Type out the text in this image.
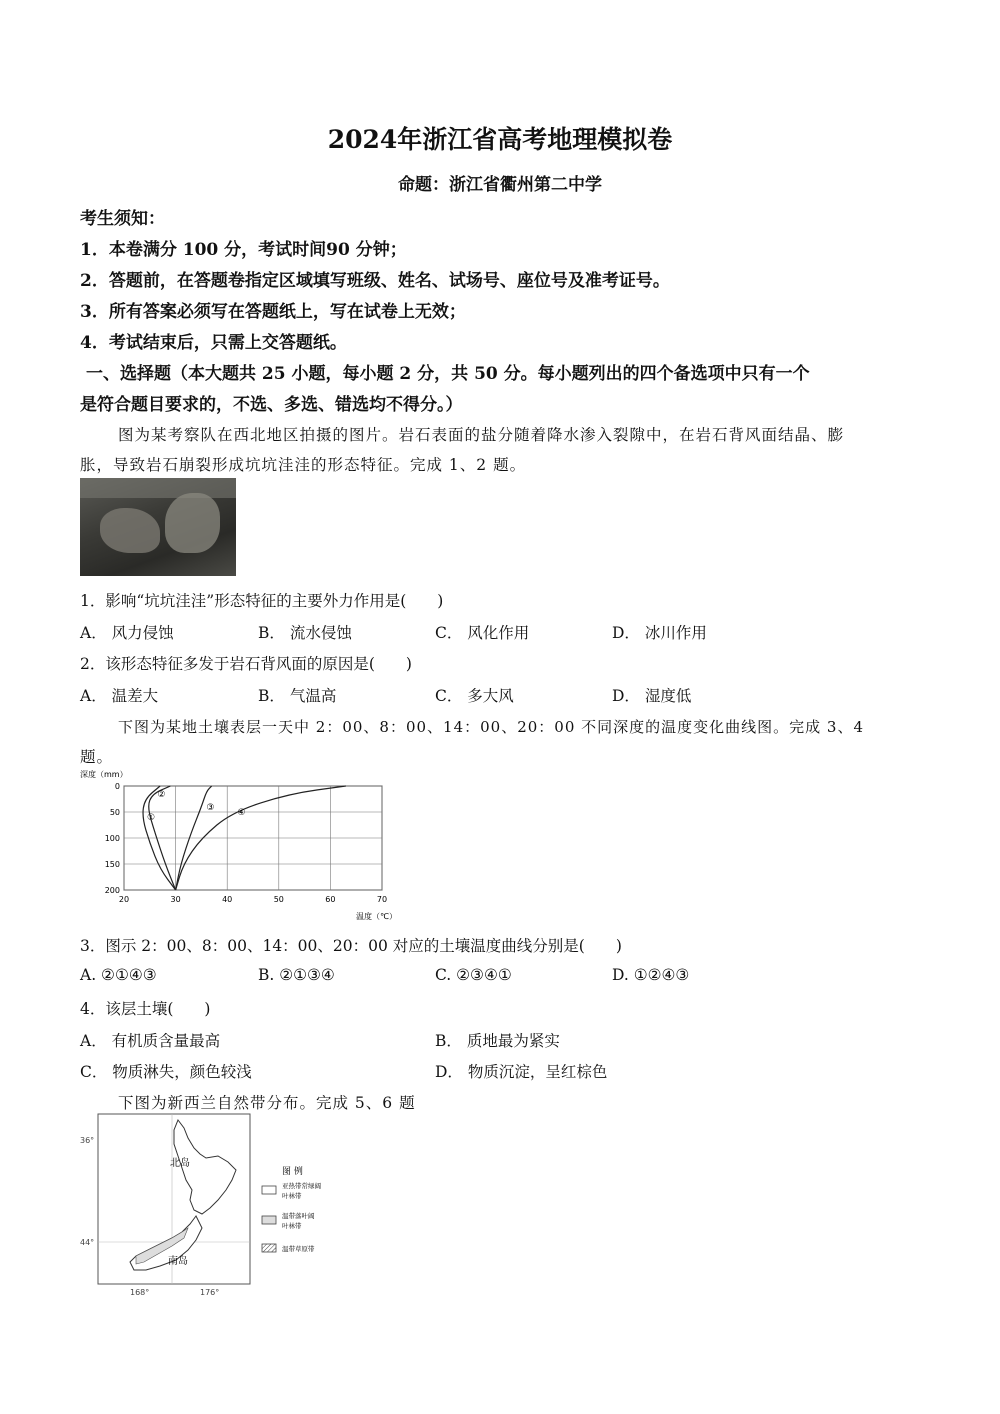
2024年浙江省高考地理模拟卷
命题：浙江省衢州第二中学
考生须知：
1．本卷满分 100 分，考试时间90 分钟；
2．答题前，在答题卷指定区域填写班级、姓名、试场号、座位号及准考证号。
3．所有答案必须写在答题纸上，写在试卷上无效；
4．考试结束后，只需上交答题纸。
一、选择题（本大题共 25 小题，每小题 2 分，共 50 分。每小题列出的四个备选项中只有一个
是符合题目要求的，不选、多选、错选均不得分。）
图为某考察队在西北地区拍摄的图片。岩石表面的盐分随着降水渗入裂隙中，在岩石背风面结晶、膨
胀，导致岩石崩裂形成坑坑洼洼的形态特征。完成 1、2 题。
1．影响“坑坑洼洼”形态特征的主要外力作用是(　　)
A． 风力侵蚀	B． 流水侵蚀	C． 风化作用	D． 冰川作用
2．该形态特征多发于岩石背风面的原因是(　　)
A． 温差大	B． 气温高	C． 多大风	D． 湿度低
下图为某地土壤表层一天中 2：00、8：00、14：00、20：00 不同深度的温度变化曲线图。完成 3、4
题。
0
50
100
150
200
20	30	40	50	60	70
①
②
③
④
深度（mm）
温度（℃）
3．图示 2：00、8：00、14：00、20：00 对应的土壤温度曲线分别是(　　)
A. ②①④③	B. ②①③④	C. ②③④①	D. ①②④③
4．该层土壤(　　)
A． 有机质含量最高	B． 质地最为紧实
C． 物质淋失，颜色较浅	D． 物质沉淀，呈红棕色
下图为新西兰自然带分布。完成 5、6 题
36°
44°
168°	176°
北岛
南岛
图 例
亚热带常绿阔
叶林带
温带落叶阔
叶林带
温带草原带
